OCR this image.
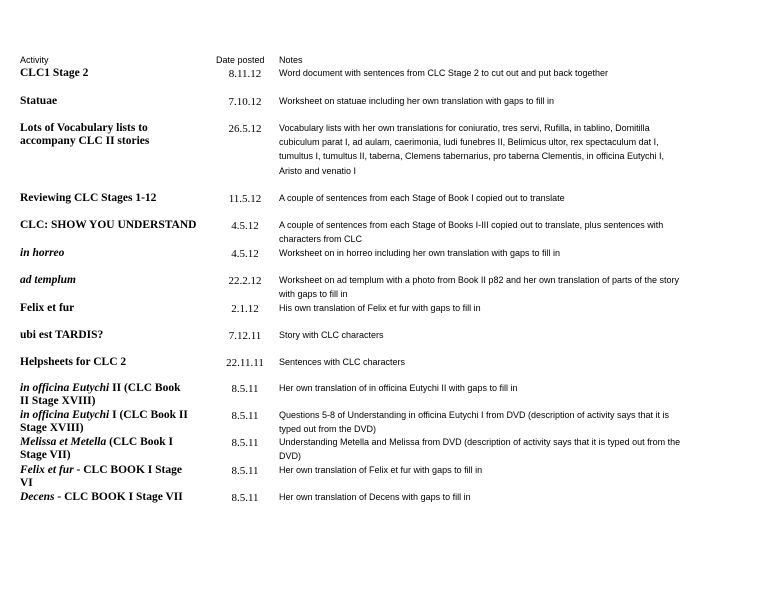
Activity	Date posted Notes
CLC1 Stage 2	8.11.12	Word document with sentences from CLC Stage 2 to cut out and put back together
Statuae	7.10.12	Worksheet on statuae including her own translation with gaps to fill in
Lots of Vocabulary lists to
accompany CLC II stories
26.5.12	Vocabulary lists with her own translations for coniuratio, tres servi, Rufilla, in tablino, Domitilla
cubiculum parat I, ad aulam, caerimonia, ludi funebres II, Belimicus ultor, rex spectaculum dat I,
tumultus I, tumultus II, taberna, Clemens tabernarius, pro taberna Clementis, in officina Eutychi I,
Aristo and venatio I
Reviewing CLC Stages 1-12	11.5.12	A couple of sentences from each Stage of Book I copied out to translate
CLC: SHOW YOU UNDERSTAND	4.5.12	A couple of sentences from each Stage of Books I-III copied out to translate, plus sentences with
characters from CLC
in horreo	4.5.12	Worksheet on in horreo including her own translation with gaps to fill in
ad templum	22.2.12	Worksheet on ad templum with a photo from Book II p82 and her own translation of parts of the story
with gaps to fill in
Felix et fur	2.1.12	His own translation of Felix et fur with gaps to fill in
ubi est TARDIS?	7.12.11	Story with CLC characters
Helpsheets for CLC 2	22.11.11	Sentences with CLC characters
in officina Eutychi II (CLC Book
II Stage XVIII)
8.5.11	Her own translation of in officina Eutychi II with gaps to fill in
in officina Eutychi I (CLC Book II
Stage XVIII)
8.5.11	Questions 5-8 of Understanding in officina Eutychi I from DVD (description of activity says that it is
typed out from the DVD)
Melissa et Metella (CLC Book I
Stage VII)
8.5.11	Understanding Metella and Melissa from DVD (description of activity says that it is typed out from the
DVD)
Felix et fur - CLC BOOK I Stage
VI
8.5.11	Her own translation of Felix et fur with gaps to fill in
Decens - CLC BOOK I Stage VII	8.5.11	Her own translation of Decens with gaps to fill in
